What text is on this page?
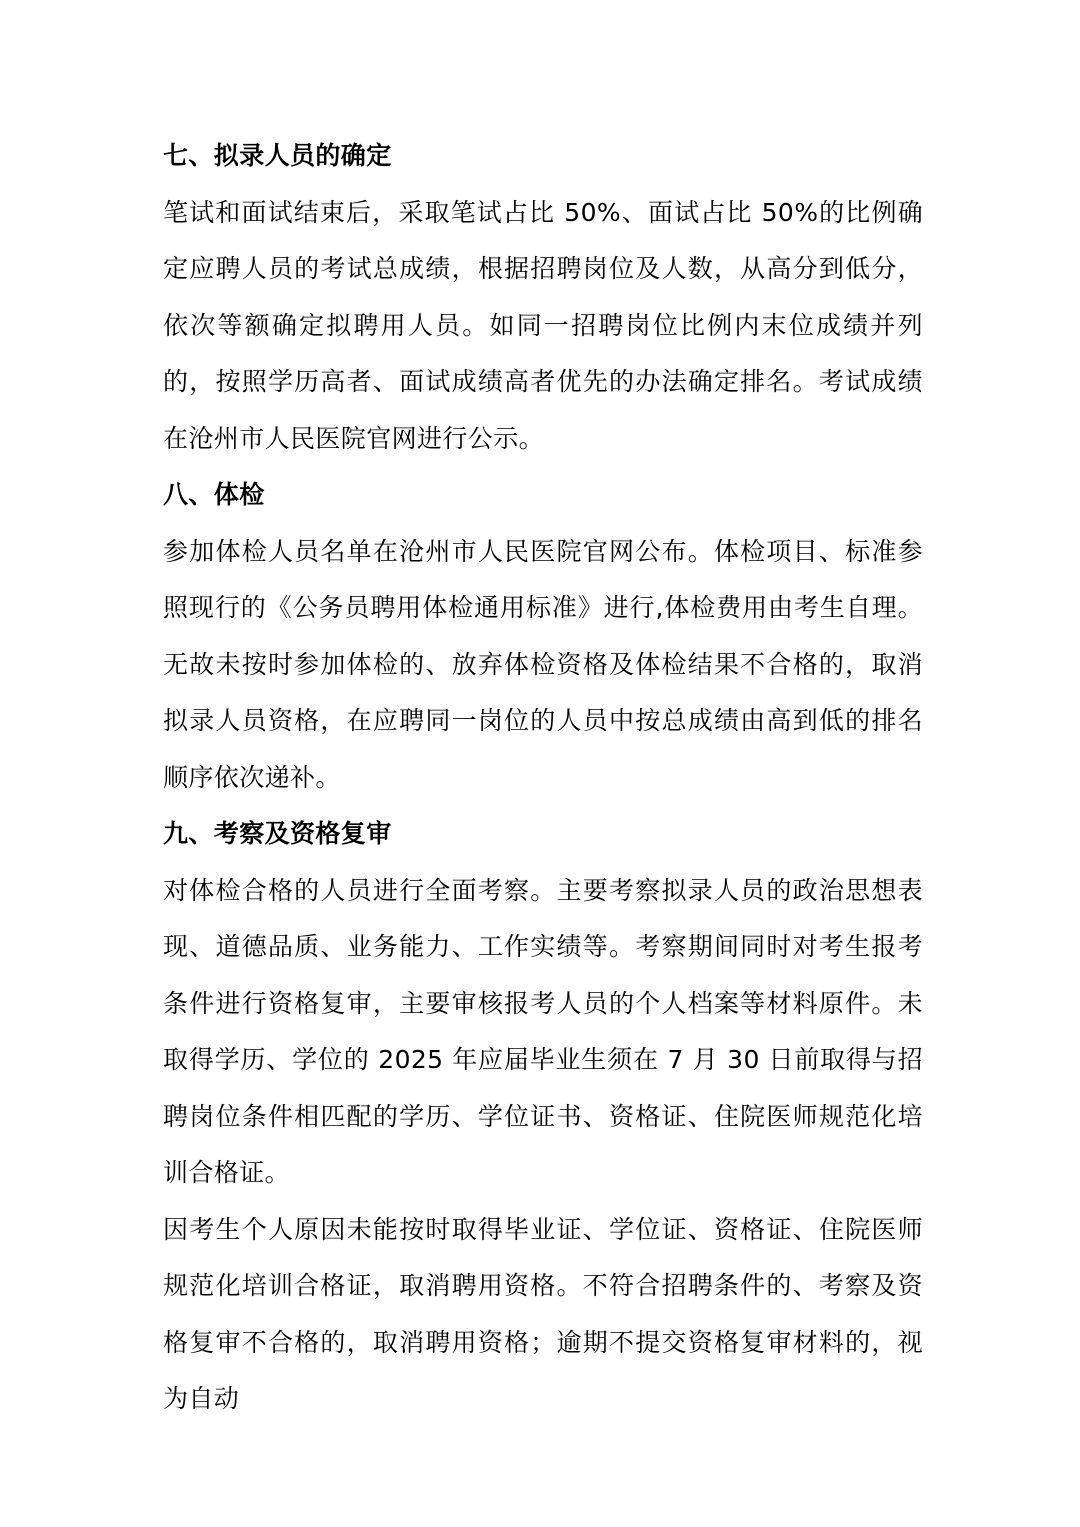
七、拟录人员的确定

笔试和面试结束后，采取笔试占比 50%、面试占比 50%的比例确定应聘人员的考试总成绩，根据招聘岗位及人数，从高分到低分，依次等额确定拟聘用人员。如同一招聘岗位比例内末位成绩并列的，按照学历高者、面试成绩高者优先的办法确定排名。考试成绩在沧州市人民医院官网进行公示。

八、体检

参加体检人员名单在沧州市人民医院官网公布。体检项目、标准参照现行的《公务员聘用体检通用标准》进行,体检费用由考生自理。无故未按时参加体检的、放弃体检资格及体检结果不合格的，取消拟录人员资格，在应聘同一岗位的人员中按总成绩由高到低的排名顺序依次递补。

九、考察及资格复审

对体检合格的人员进行全面考察。主要考察拟录人员的政治思想表现、道德品质、业务能力、工作实绩等。考察期间同时对考生报考条件进行资格复审，主要审核报考人员的个人档案等材料原件。未取得学历、学位的 2025 年应届毕业生须在 7 月 30 日前取得与招聘岗位条件相匹配的学历、学位证书、资格证、住院医师规范化培训合格证。

因考生个人原因未能按时取得毕业证、学位证、资格证、住院医师规范化培训合格证，取消聘用资格。不符合招聘条件的、考察及资格复审不合格的，取消聘用资格；逾期不提交资格复审材料的，视为自动
